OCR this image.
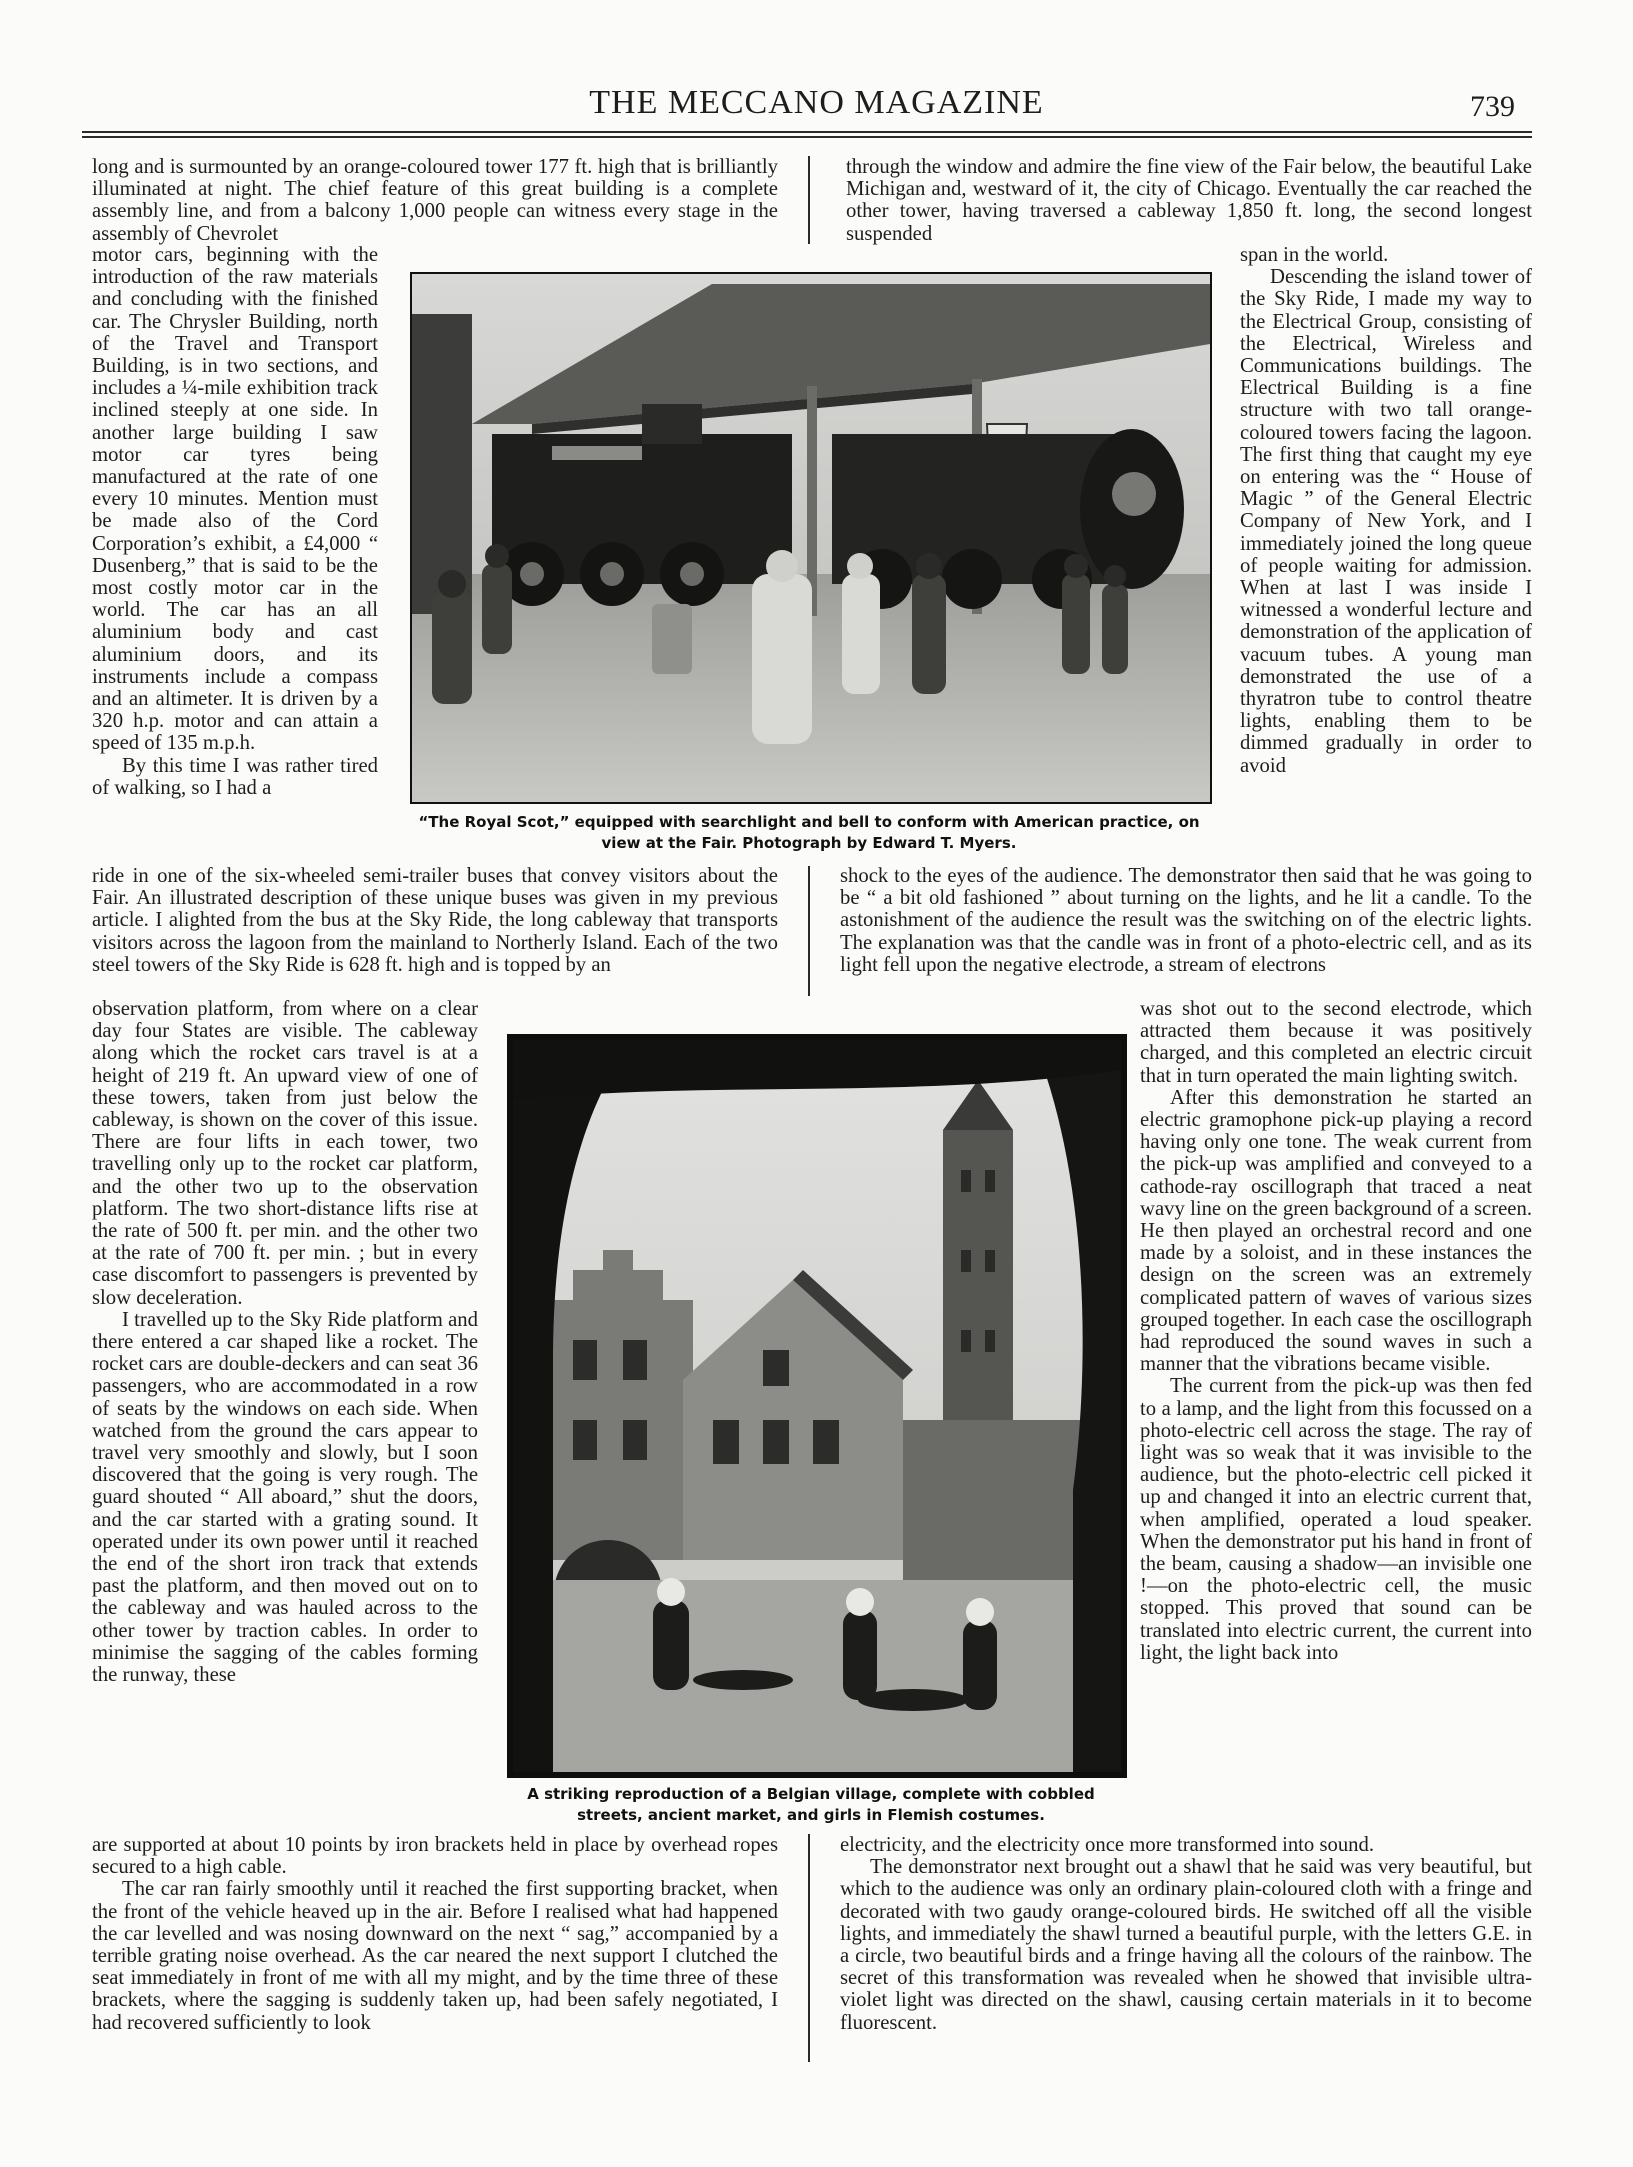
THE MECCANO MAGAZINE	739

long and is surmounted by an orange-coloured tower 177 ft. high that is brilliantly illuminated at night. The chief feature of this great building is a complete assembly line, and from a balcony 1,000 people can witness every stage in the assembly of Chevrolet

motor cars, beginning with the introduction of the raw materials and concluding with the finished car. The Chrysler Building, north of the Travel and Transport Building, is in two sections, and includes a ¼-mile exhibition track inclined steeply at one side. In another large building I saw motor car tyres being manufactured at the rate of one every 10 minutes. Mention must be made also of the Cord Corporation’s exhibit, a £4,000 “ Dusenberg,” that is said to be the most costly motor car in the world. The car has an all aluminium body and cast aluminium doors, and its instruments include a compass and an altimeter. It is driven by a 320 h.p. motor and can attain a speed of 135 m.p.h.

By this time I was rather tired of walking, so I had a

ride in one of the six-wheeled semi-trailer buses that convey visitors about the Fair. An illustrated description of these unique buses was given in my previous article. I alighted from the bus at the Sky Ride, the long cableway that transports visitors across the lagoon from the mainland to Northerly Island. Each of the two steel towers of the Sky Ride is 628 ft. high and is topped by an

observation platform, from where on a clear day four States are visible. The cableway along which the rocket cars travel is at a height of 219 ft. An upward view of one of these towers, taken from just below the cableway, is shown on the cover of this issue. There are four lifts in each tower, two travelling only up to the rocket car platform, and the other two up to the observation platform. The two short-distance lifts rise at the rate of 500 ft. per min. and the other two at the rate of 700 ft. per min. ; but in every case discomfort to passengers is prevented by slow deceleration.

I travelled up to the Sky Ride platform and there entered a car shaped like a rocket. The rocket cars are double-deckers and can seat 36 passengers, who are accommodated in a row of seats by the windows on each side. When watched from the ground the cars appear to travel very smoothly and slowly, but I soon discovered that the going is very rough. The guard shouted “ All aboard,” shut the doors, and the car started with a grating sound. It operated under its own power until it reached the end of the short iron track that extends past the platform, and then moved out on to the cableway and was hauled across to the other tower by traction cables. In order to minimise the sagging of the cables forming the runway, these

are supported at about 10 points by iron brackets held in place by overhead ropes secured to a high cable.

The car ran fairly smoothly until it reached the first supporting bracket, when the front of the vehicle heaved up in the air. Before I realised what had happened the car levelled and was nosing downward on the next “ sag,” accompanied by a terrible grating noise overhead. As the car neared the next support I clutched the seat immediately in front of me with all my might, and by the time three of these brackets, where the sagging is suddenly taken up, had been safely negotiated, I had recovered sufficiently to look

through the window and admire the fine view of the Fair below, the beautiful Lake Michigan and, westward of it, the city of Chicago. Eventually the car reached the other tower, having traversed a cableway 1,850 ft. long, the second longest suspended

span in the world.

Descending the island tower of the Sky Ride, I made my way to the Electrical Group, consisting of the Electrical, Wireless and Communications buildings. The Electrical Building is a fine structure with two tall orange-coloured towers facing the lagoon. The first thing that caught my eye on entering was the “ House of Magic ” of the General Electric Company of New York, and I immediately joined the long queue of people waiting for admission. When at last I was inside I witnessed a wonderful lecture and demonstration of the application of vacuum tubes. A young man demonstrated the use of a thyratron tube to control theatre lights, enabling them to be dimmed gradually in order to avoid

shock to the eyes of the audience. The demonstrator then said that he was going to be “ a bit old fashioned ” about turning on the lights, and he lit a candle. To the astonishment of the audience the result was the switching on of the electric lights. The explanation was that the candle was in front of a photo-electric cell, and as its light fell upon the negative electrode, a stream of electrons

was shot out to the second electrode, which attracted them because it was positively charged, and this completed an electric circuit that in turn operated the main lighting switch.

After this demonstration he started an electric gramophone pick-up playing a record having only one tone. The weak current from the pick-up was amplified and conveyed to a cathode-ray oscillograph that traced a neat wavy line on the green background of a screen. He then played an orchestral record and one made by a soloist, and in these instances the design on the screen was an extremely complicated pattern of waves of various sizes grouped together. In each case the oscillograph had reproduced the sound waves in such a manner that the vibrations became visible.

The current from the pick-up was then fed to a lamp, and the light from this focussed on a photo-electric cell across the stage. The ray of light was so weak that it was invisible to the audience, but the photo-electric cell picked it up and changed it into an electric current that, when amplified, operated a loud speaker. When the demonstrator put his hand in front of the beam, causing a shadow—an invisible one !—on the photo-electric cell, the music stopped. This proved that sound can be translated into electric current, the current into light, the light back into

electricity, and the electricity once more transformed into sound.

The demonstrator next brought out a shawl that he said was very beautiful, but which to the audience was only an ordinary plain-coloured cloth with a fringe and decorated with two gaudy orange-coloured birds. He switched off all the visible lights, and immediately the shawl turned a beautiful purple, with the letters G.E. in a circle, two beautiful birds and a fringe having all the colours of the rainbow. The secret of this transformation was revealed when he showed that invisible ultra-violet light was directed on the shawl, causing certain materials in it to become fluorescent.

“The Royal Scot,” equipped with searchlight and bell to conform with American practice, on view at the Fair. Photograph by Edward T. Myers.
A striking reproduction of a Belgian village, complete with cobbled streets, ancient market, and girls in Flemish costumes.
